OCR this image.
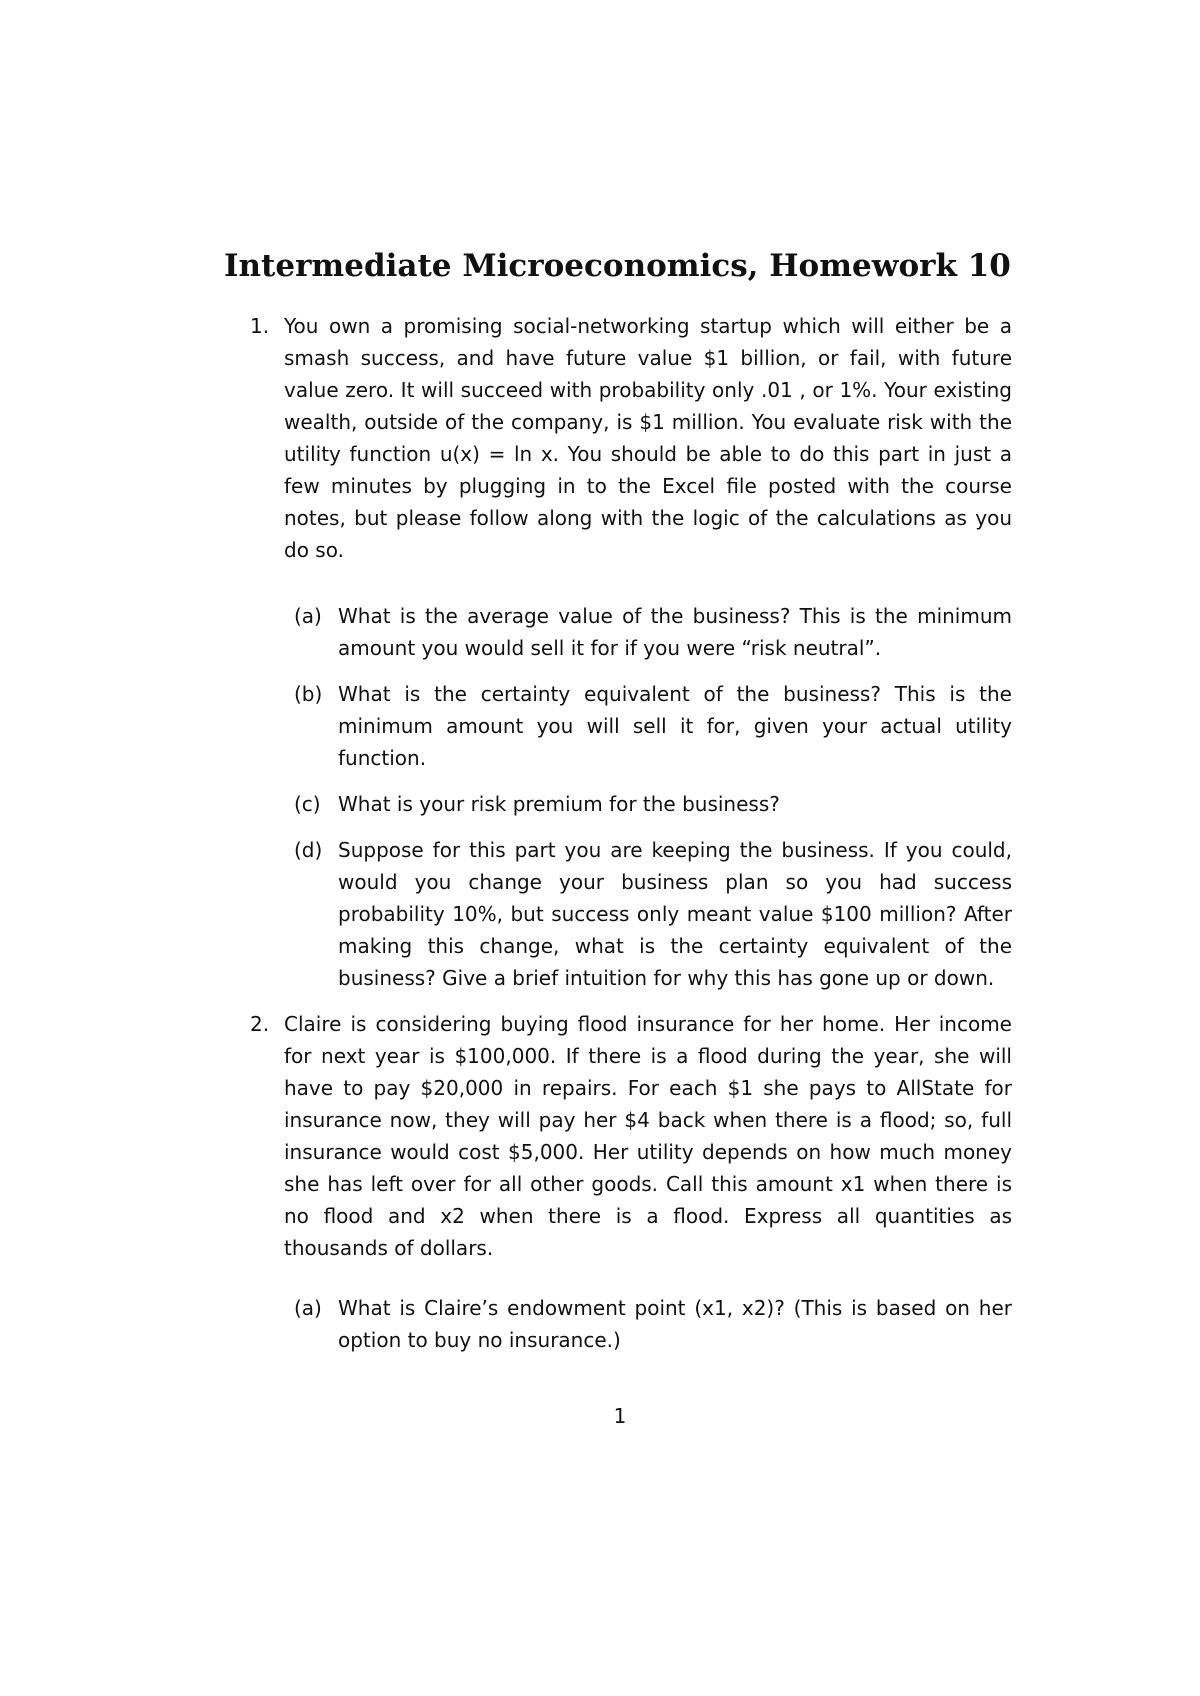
Intermediate Microeconomics, Homework 10
1. You own a promising social-networking startup which will either be a smash success, and have future value $1 billion, or fail, with future value zero. It will succeed with probability only .01 , or 1%. Your existing wealth, outside of the company, is $1 million. You evaluate risk with the utility function u(x) = ln x. You should be able to do this part in just a few minutes by plugging in to the Excel file posted with the course notes, but please follow along with the logic of the calculations as you do so.
(a) What is the average value of the business? This is the minimum amount you would sell it for if you were “risk neutral”.
(b) What is the certainty equivalent of the business? This is the minimum amount you will sell it for, given your actual utility function.
(c) What is your risk premium for the business?
(d) Suppose for this part you are keeping the business. If you could, would you change your business plan so you had success probability 10%, but success only meant value $100 million? After making this change, what is the certainty equivalent of the business? Give a brief intuition for why this has gone up or down.
2. Claire is considering buying flood insurance for her home. Her income for next year is $100,000. If there is a flood during the year, she will have to pay $20,000 in repairs. For each $1 she pays to AllState for insurance now, they will pay her $4 back when there is a flood; so, full insurance would cost $5,000. Her utility depends on how much money she has left over for all other goods. Call this amount x1 when there is no flood and x2 when there is a flood. Express all quantities as thousands of dollars.
(a) What is Claire’s endowment point (x1, x2)? (This is based on her option to buy no insurance.)
1
